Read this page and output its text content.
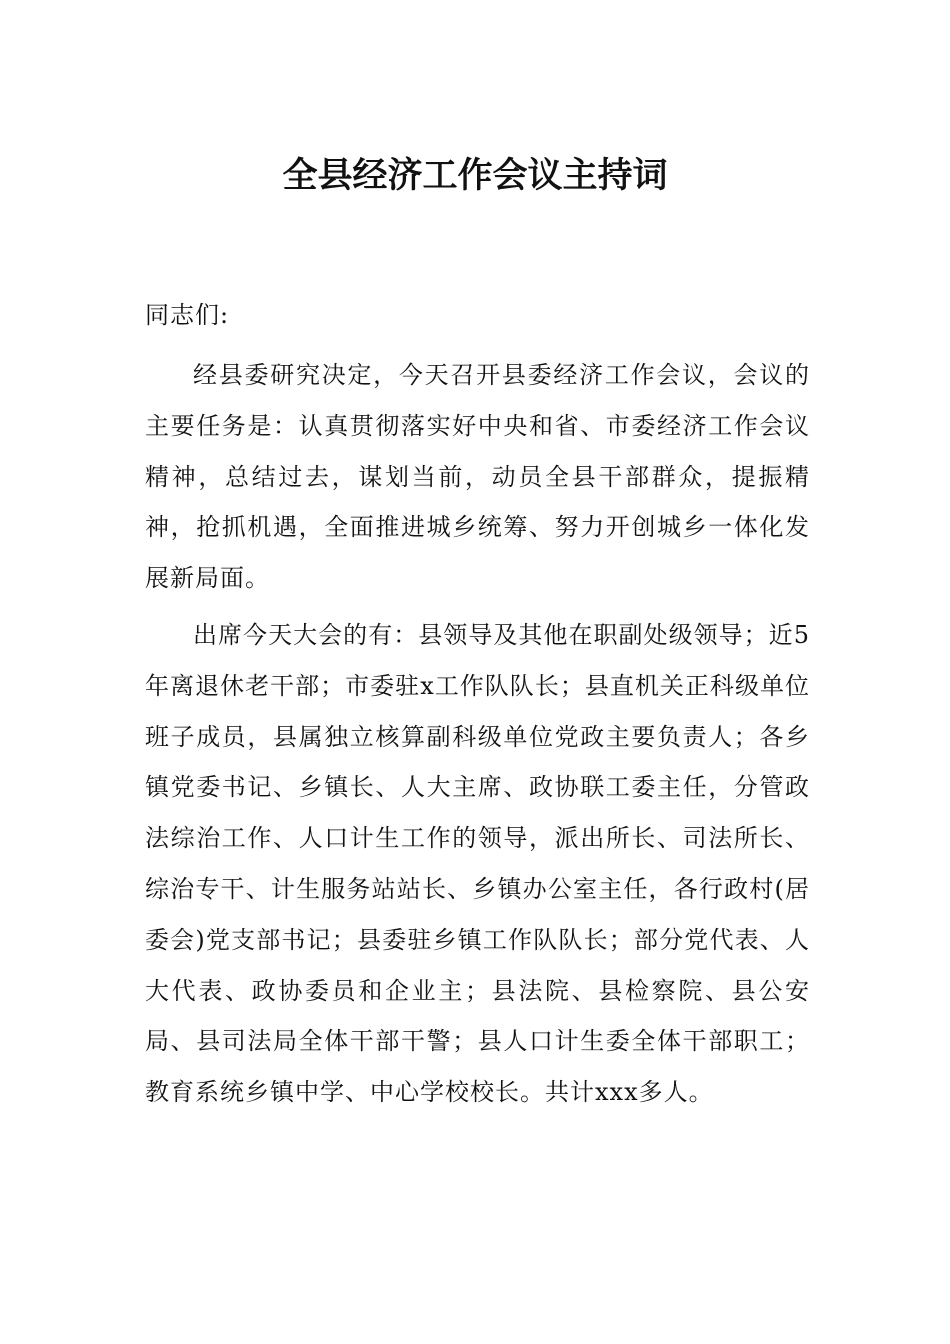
全县经济工作会议主持词

同志们:

经县委研究决定，今天召开县委经济工作会议，会议的主要任务是：认真贯彻落实好中央和省、市委经济工作会议精神，总结过去，谋划当前，动员全县干部群众，提振精神，抢抓机遇，全面推进城乡统筹、努力开创城乡一体化发展新局面。

出席今天大会的有：县领导及其他在职副处级领导；近5年离退休老干部；市委驻x工作队队长；县直机关正科级单位班子成员，县属独立核算副科级单位党政主要负责人；各乡镇党委书记、乡镇长、人大主席、政协联工委主任，分管政法综治工作、人口计生工作的领导，派出所长、司法所长、综治专干、计生服务站站长、乡镇办公室主任，各行政村(居委会)党支部书记；县委驻乡镇工作队队长；部分党代表、人大代表、政协委员和企业主；县法院、县检察院、县公安局、县司法局全体干部干警；县人口计生委全体干部职工；教育系统乡镇中学、中心学校校长。共计xxx多人。
